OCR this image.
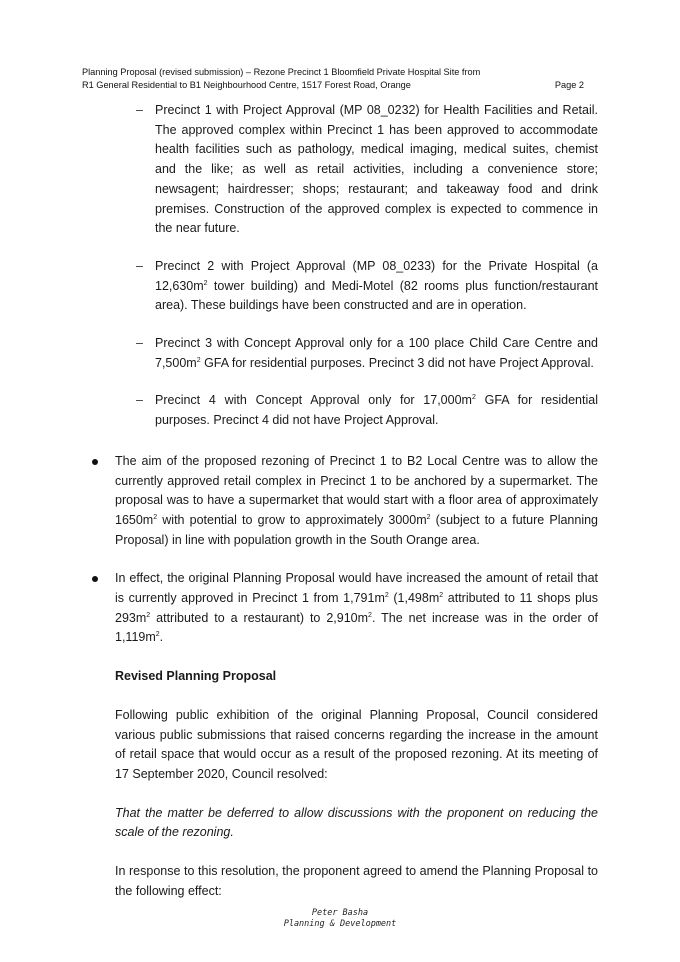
Planning Proposal (revised submission) – Rezone Precinct 1 Bloomfield Private Hospital Site from
R1 General Residential to B1 Neighbourhood Centre, 1517 Forest Road, Orange	Page 2
– Precinct 1 with Project Approval (MP 08_0232) for Health Facilities and Retail. The approved complex within Precinct 1 has been approved to accommodate health facilities such as pathology, medical imaging, medical suites, chemist and the like; as well as retail activities, including a convenience store; newsagent; hairdresser; shops; restaurant; and takeaway food and drink premises. Construction of the approved complex is expected to commence in the near future.
– Precinct 2 with Project Approval (MP 08_0233) for the Private Hospital (a $12,630m^2$ tower building) and Medi-Motel (82 rooms plus function/restaurant area). These buildings have been constructed and are in operation.
– Precinct 3 with Concept Approval only for a 100 place Child Care Centre and $7,500m^2$ GFA for residential purposes. Precinct 3 did not have Project Approval.
– Precinct 4 with Concept Approval only for $17,000m^2$ GFA for residential purposes. Precinct 4 did not have Project Approval.
The aim of the proposed rezoning of Precinct 1 to B2 Local Centre was to allow the currently approved retail complex in Precinct 1 to be anchored by a supermarket. The proposal was to have a supermarket that would start with a floor area of approximately $1650m^2$ with potential to grow to approximately $3000m^2$ (subject to a future Planning Proposal) in line with population growth in the South Orange area.
In effect, the original Planning Proposal would have increased the amount of retail that is currently approved in Precinct 1 from $1,791m^2$ ($1,498m^2$ attributed to 11 shops plus $293m^2$ attributed to a restaurant) to $2,910m^2$. The net increase was in the order of $1,119m^2$.
Revised Planning Proposal
Following public exhibition of the original Planning Proposal, Council considered various public submissions that raised concerns regarding the increase in the amount of retail space that would occur as a result of the proposed rezoning. At its meeting of 17 September 2020, Council resolved:
That the matter be deferred to allow discussions with the proponent on reducing the scale of the rezoning.
In response to this resolution, the proponent agreed to amend the Planning Proposal to the following effect:
Peter Basha
Planning & Development
